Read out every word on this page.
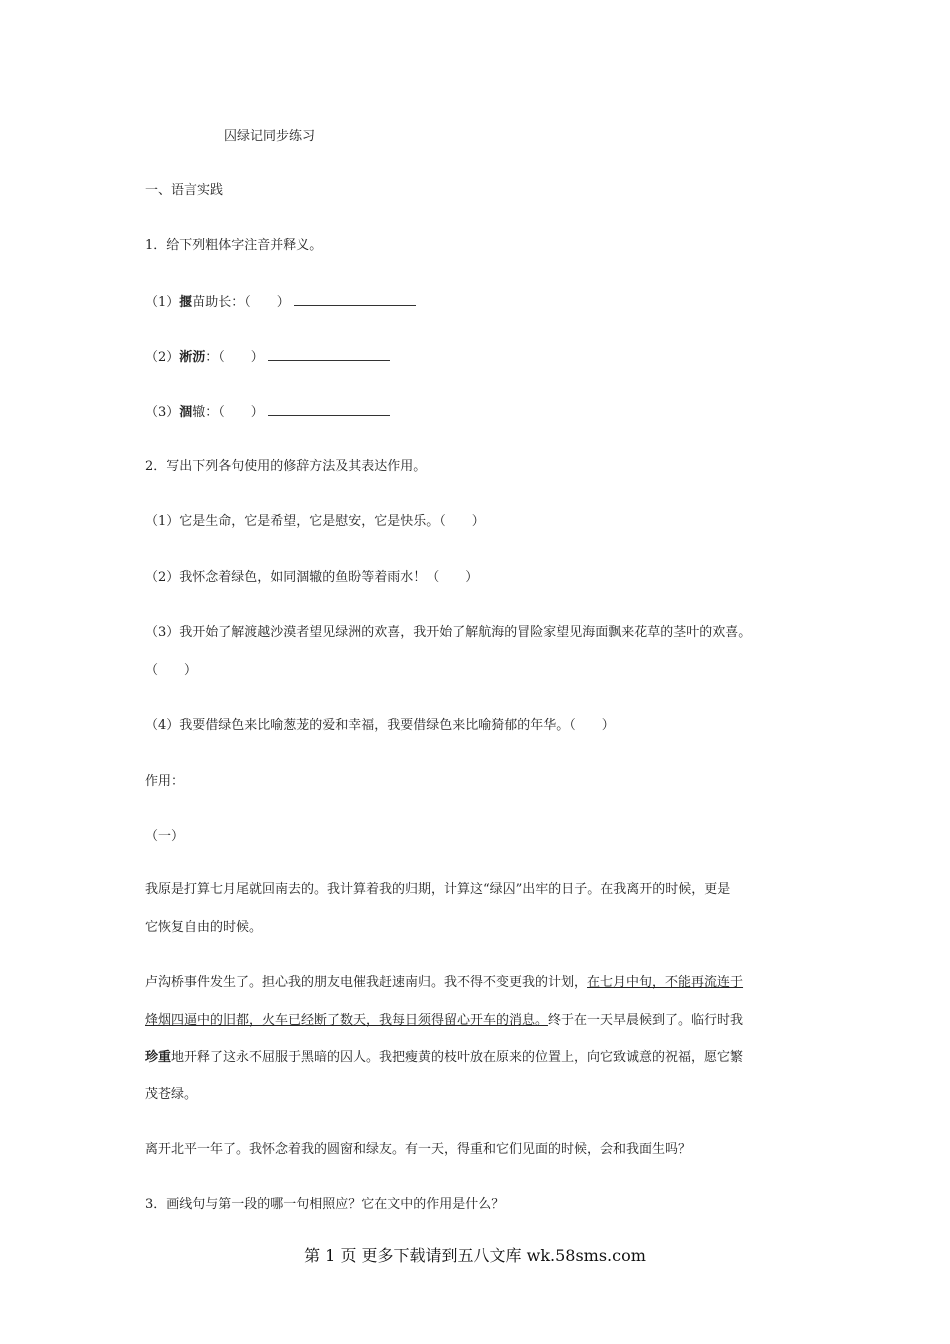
囚绿记同步练习
一、语言实践
1．给下列粗体字注音并释义。
（1）揠苗助长：（　　）
（2）淅沥：（　　）
（3）涸辙：（　　）
2．写出下列各句使用的修辞方法及其表达作用。
（1）它是生命，它是希望，它是慰安，它是快乐。（　　）
（2）我怀念着绿色，如同涸辙的鱼盼等着雨水！（　　）
（3）我开始了解渡越沙漠者望见绿洲的欢喜，我开始了解航海的冒险家望见海面飘来花草的茎叶的欢喜。
（　　）
（4）我要借绿色来比喻葱茏的爱和幸福，我要借绿色来比喻猗郁的年华。（　　）
作用：
（一）
我原是打算七月尾就回南去的。我计算着我的归期，计算这“绿囚”出牢的日子。在我离开的时候，更是
它恢复自由的时候。
卢沟桥事件发生了。担心我的朋友电催我赶速南归。我不得不变更我的计划，在七月中旬，不能再流连于
烽烟四逼中的旧都，火车已经断了数天，我每日须得留心开车的消息。终于在一天早晨候到了。临行时我
珍重地开释了这永不屈服于黑暗的囚人。我把瘦黄的枝叶放在原来的位置上，向它致诚意的祝福，愿它繁
茂苍绿。
离开北平一年了。我怀念着我的圆窗和绿友。有一天，得重和它们见面的时候，会和我面生吗？
3．画线句与第一段的哪一句相照应？它在文中的作用是什么？
第 1 页 更多下载请到五八文库 wk.58sms.com
